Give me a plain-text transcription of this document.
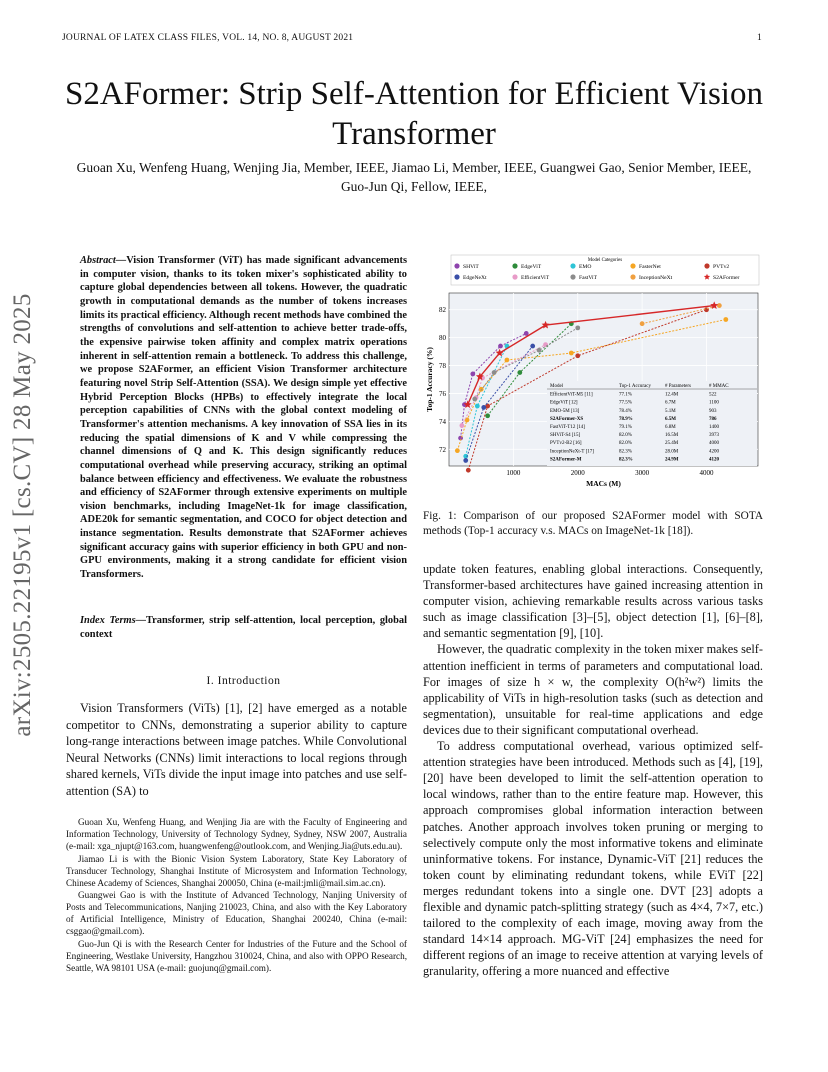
JOURNAL OF LATEX CLASS FILES, VOL. 14, NO. 8, AUGUST 2021	1
S2AFormer: Strip Self-Attention for Efficient Vision Transformer
Guoan Xu, Wenfeng Huang, Wenjing Jia, Member, IEEE, Jiamao Li, Member, IEEE, Guangwei Gao, Senior Member, IEEE, Guo-Jun Qi, Fellow, IEEE,
arXiv:2505.22195v1 [cs.CV] 28 May 2025
Abstract—Vision Transformer (ViT) has made significant advancements in computer vision, thanks to its token mixer's sophisticated ability to capture global dependencies between all tokens. However, the quadratic growth in computational demands as the number of tokens increases limits its practical efficiency. Although recent methods have combined the strengths of convolutions and self-attention to achieve better trade-offs, the expensive pairwise token affinity and complex matrix operations inherent in self-attention remain a bottleneck. To address this challenge, we propose S2AFormer, an efficient Vision Transformer architecture featuring novel Strip Self-Attention (SSA). We design simple yet effective Hybrid Perception Blocks (HPBs) to effectively integrate the local perception capabilities of CNNs with the global context modeling of Transformer's attention mechanisms. A key innovation of SSA lies in its reducing the spatial dimensions of K and V while compressing the channel dimensions of Q and K. This design significantly reduces computational overhead while preserving accuracy, striking an optimal balance between efficiency and effectiveness. We evaluate the robustness and efficiency of S2AFormer through extensive experiments on multiple vision benchmarks, including ImageNet-1k for image classification, ADE20k for semantic segmentation, and COCO for object detection and instance segmentation. Results demonstrate that S2AFormer achieves significant accuracy gains with superior efficiency in both GPU and non-GPU environments, making it a strong candidate for efficient vision Transformers.
Index Terms—Transformer, strip self-attention, local perception, global context
I. Introduction
Vision Transformers (ViTs) [1], [2] have emerged as a notable competitor to CNNs, demonstrating a superior ability to capture long-range interactions between image patches. While Convolutional Neural Networks (CNNs) limit interactions to local regions through shared kernels, ViTs divide the input image into patches and use self-attention (SA) to

Guoan Xu, Wenfeng Huang, and Wenjing Jia are with the Faculty of Engineering and Information Technology, University of Technology Sydney, Sydney, NSW 2007, Australia (e-mail: xga_njupt@163.com, huangwenfeng@outlook.com, and Wenjing.Jia@uts.edu.au).

Jiamao Li is with the Bionic Vision System Laboratory, State Key Laboratory of Transducer Technology, Shanghai Institute of Microsystem and Information Technology, Chinese Academy of Sciences, Shanghai 200050, China (e-mail:jmli@mail.sim.ac.cn).

Guangwei Gao is with the Institute of Advanced Technology, Nanjing University of Posts and Telecommunications, Nanjing 210023, China, and also with the Key Laboratory of Artificial Intelligence, Ministry of Education, Shanghai 200240, China (e-mail: csggao@gmail.com).

Guo-Jun Qi is with the Research Center for Industries of the Future and the School of Engineering, Westlake University, Hangzhou 310024, China, and also with OPPO Research, Seattle, WA 98101 USA (e-mail: guojunq@gmail.com).

72
74
76
78
80
82
1000	2000	3000	4000
MACs (M)
Top-1 Accuracy (%)
Model Categories
SHViT	EdgeViT	EMO	FasterNet	PVTv2
EdgeNeXt	EfficientViT	FastViT	InceptionNeXt	S2AFormer
Model	Top-1 Accuracy	# Parameters	# MMAC
EfficientViT-M5 [11]	77.1%	12.4M	522
EdgeViT [12]	77.5%	6.7M	1100
EMO-5M [13]	78.4%	5.1M	903
S2AFormer-XS	78.9%	6.5M	786
FastViT-T12 [14]	79.1%	6.8M	1400
SHViT-S4 [15]	82.0%	16.5M	3973
PVTv2-B2 [16]	82.0%	25.4M	4000
InceptionNeXt-T [17]	82.3%	28.0M	4200
S2AFormer-M	82.3%	24.9M	4120
Fig. 1: Comparison of our proposed S2AFormer model with SOTA methods (Top-1 accuracy v.s. MACs on ImageNet-1k [18]).

update token features, enabling global interactions. Consequently, Transformer-based architectures have gained increasing attention in computer vision, achieving remarkable results across various tasks such as image classification [3]–[5], object detection [1], [6]–[8], and semantic segmentation [9], [10].

However, the quadratic complexity in the token mixer makes self-attention inefficient in terms of parameters and computational load. For images of size h × w, the complexity O(h²w²) limits the applicability of ViTs in high-resolution tasks (such as detection and segmentation), unsuitable for real-time applications and edge devices due to their significant computational overhead.

To address computational overhead, various optimized self-attention strategies have been introduced. Methods such as [4], [19], [20] have been developed to limit the self-attention operation to local windows, rather than to the entire feature map. However, this approach compromises global information interaction between patches. Another approach involves token pruning or merging to selectively compute only the most informative tokens and eliminate uninformative tokens. For instance, Dynamic-ViT [21] reduces the token count by eliminating redundant tokens, while EViT [22] merges redundant tokens into a single one. DVT [23] adopts a flexible and dynamic patch-splitting strategy (such as 4×4, 7×7, etc.) tailored to the complexity of each image, moving away from the standard 14×14 approach. MG-ViT [24] emphasizes the need for different regions of an image to receive attention at varying levels of granularity, offering a more nuanced and effective
